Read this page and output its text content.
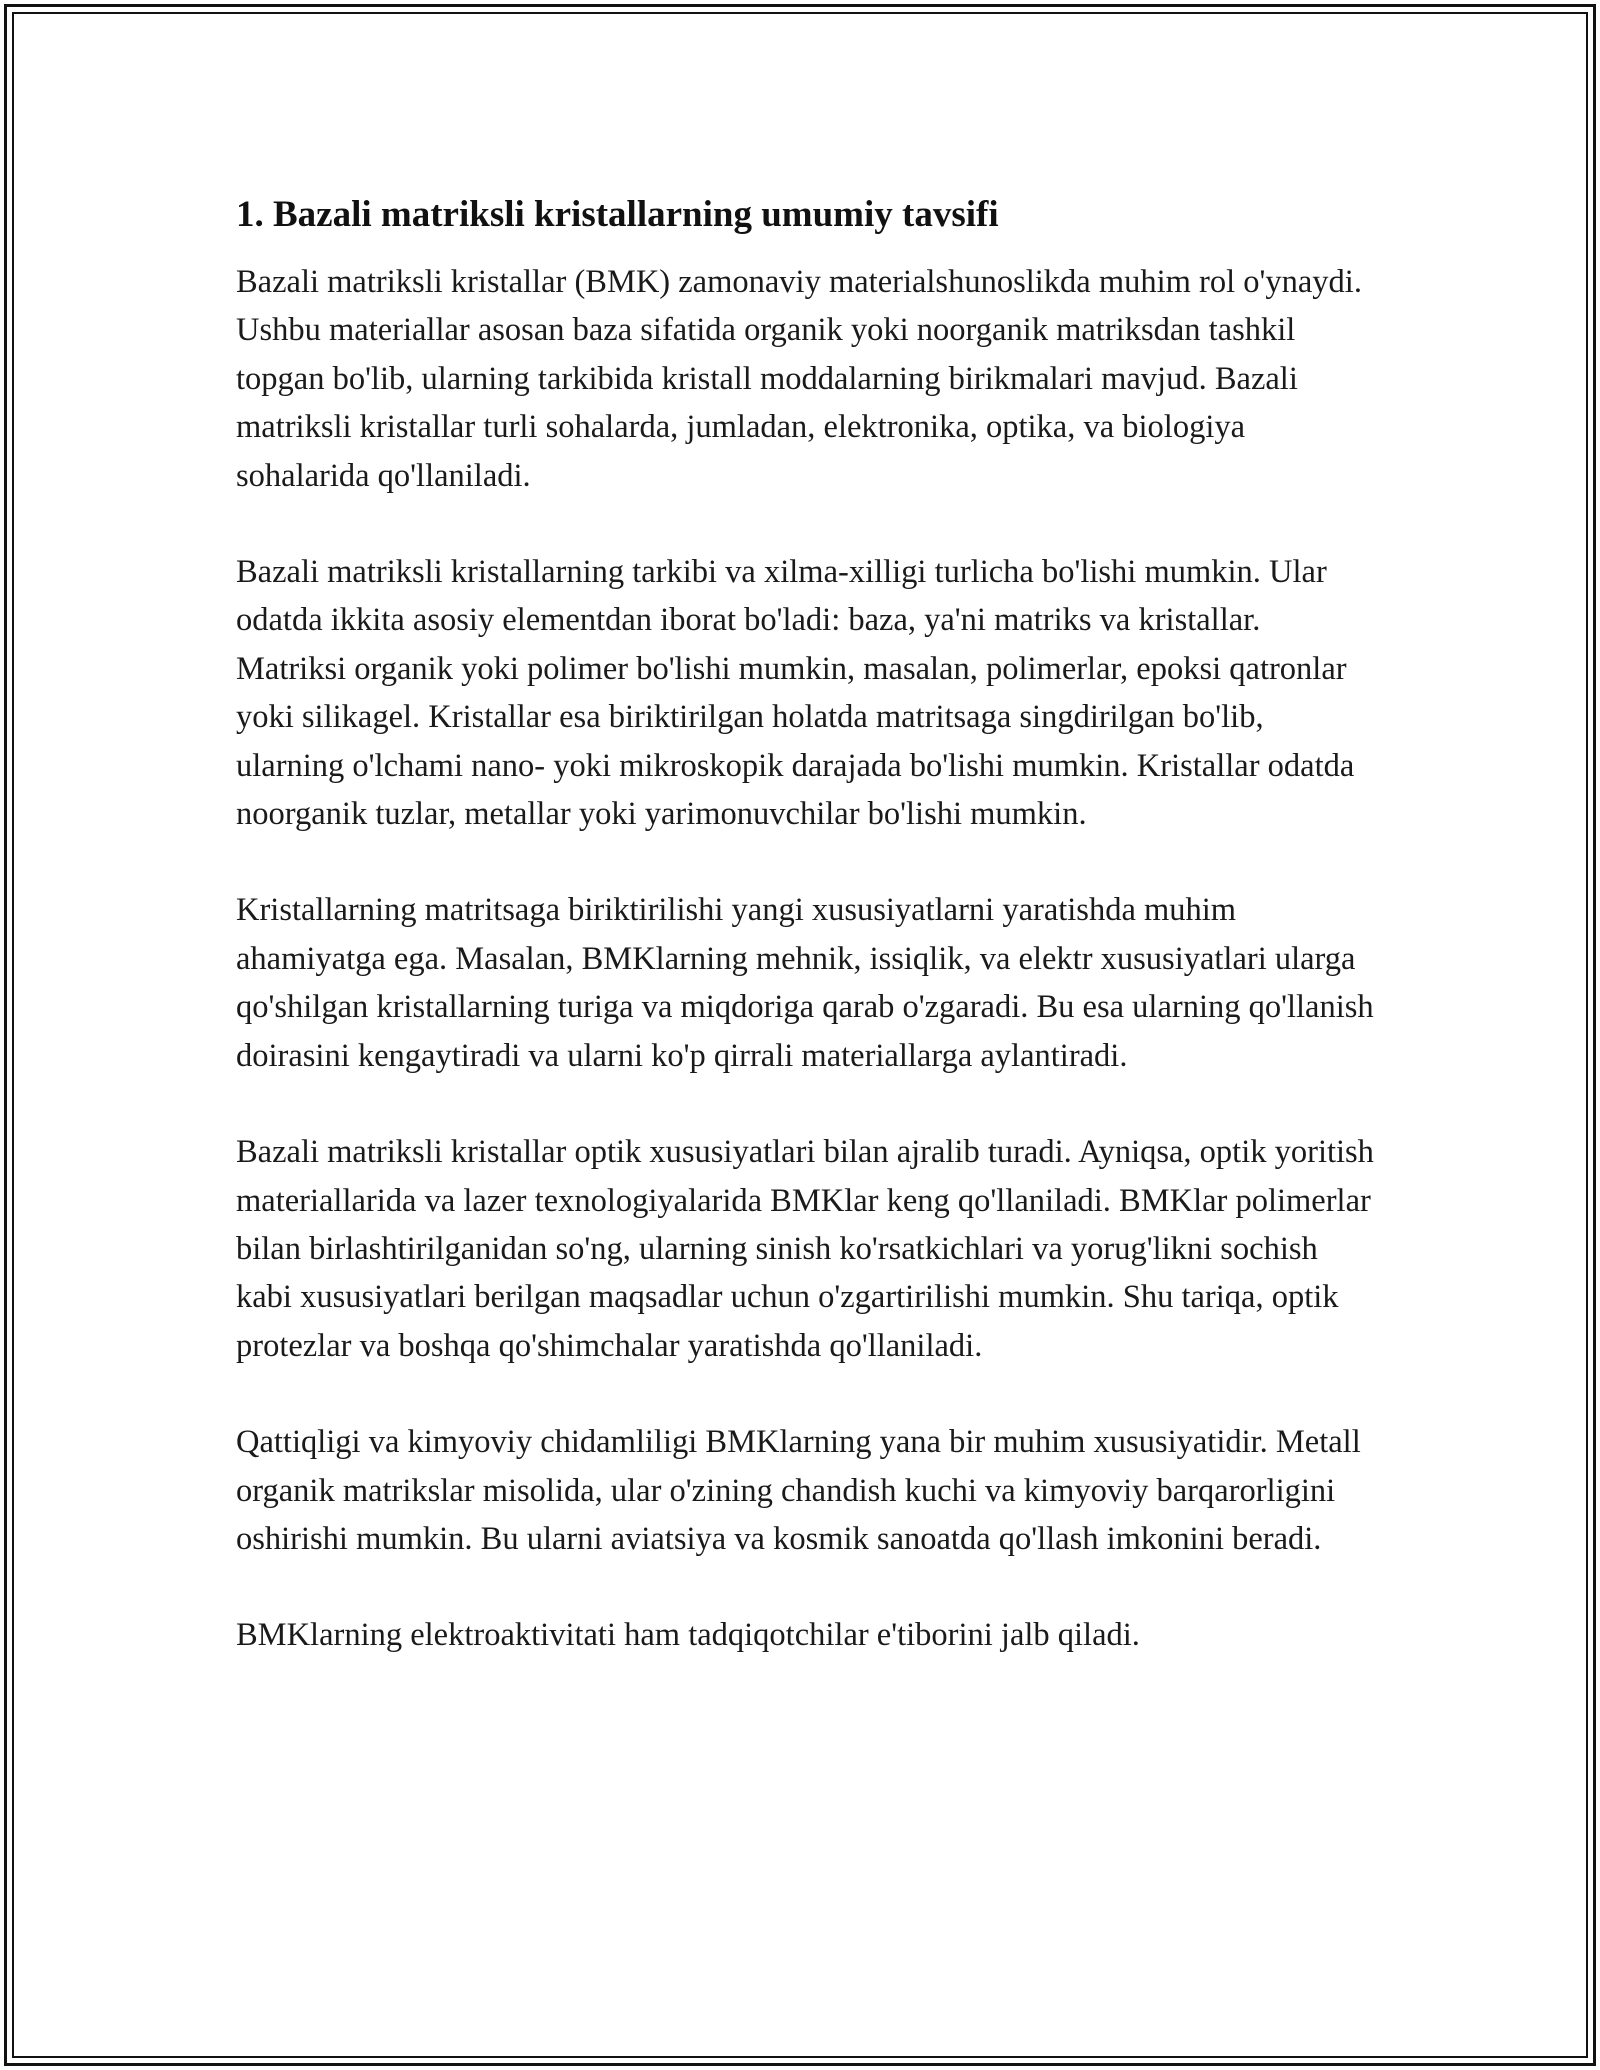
1. Bazali matriksli kristallarning umumiy tavsifi

Bazali matriksli kristallar (BMK) zamonaviy materialshunoslikda muhim rol o'ynaydi. Ushbu materiallar asosan baza sifatida organik yoki noorganik matriksdan tashkil topgan bo'lib, ularning tarkibida kristall moddalarning birikmalari mavjud. Bazali matriksli kristallar turli sohalarda, jumladan, elektronika, optika, va biologiya sohalarida qo'llaniladi.

Bazali matriksli kristallarning tarkibi va xilma-xilligi turlicha bo'lishi mumkin. Ular odatda ikkita asosiy elementdan iborat bo'ladi: baza, ya'ni matriks va kristallar. Matriksi organik yoki polimer bo'lishi mumkin, masalan, polimerlar, epoksi qatronlar yoki silikagel. Kristallar esa biriktirilgan holatda matritsaga singdirilgan bo'lib, ularning o'lchami nano- yoki mikroskopik darajada bo'lishi mumkin. Kristallar odatda noorganik tuzlar, metallar yoki yarimonuvchilar bo'lishi mumkin.

Kristallarning matritsaga biriktirilishi yangi xususiyatlarni yaratishda muhim ahamiyatga ega. Masalan, BMKlarning mehnik, issiqlik, va elektr xususiyatlari ularga qo'shilgan kristallarning turiga va miqdoriga qarab o'zgaradi. Bu esa ularning qo'llanish doirasini kengaytiradi va ularni ko'p qirrali materiallarga aylantiradi.

Bazali matriksli kristallar optik xususiyatlari bilan ajralib turadi. Ayniqsa, optik yoritish materiallarida va lazer texnologiyalarida BMKlar keng qo'llaniladi. BMKlar polimerlar bilan birlashtirilganidan so'ng, ularning sinish ko'rsatkichlari va yorug'likni sochish kabi xususiyatlari berilgan maqsadlar uchun o'zgartirilishi mumkin. Shu tariqa, optik protezlar va boshqa qo'shimchalar yaratishda qo'llaniladi.

Qattiqligi va kimyoviy chidamliligi BMKlarning yana bir muhim xususiyatidir. Metall organik matrikslar misolida, ular o'zining chandish kuchi va kimyoviy barqarorligini oshirishi mumkin. Bu ularni aviatsiya va kosmik sanoatda qo'llash imkonini beradi.

BMKlarning elektroaktivitati ham tadqiqotchilar e'tiborini jalb qiladi.
